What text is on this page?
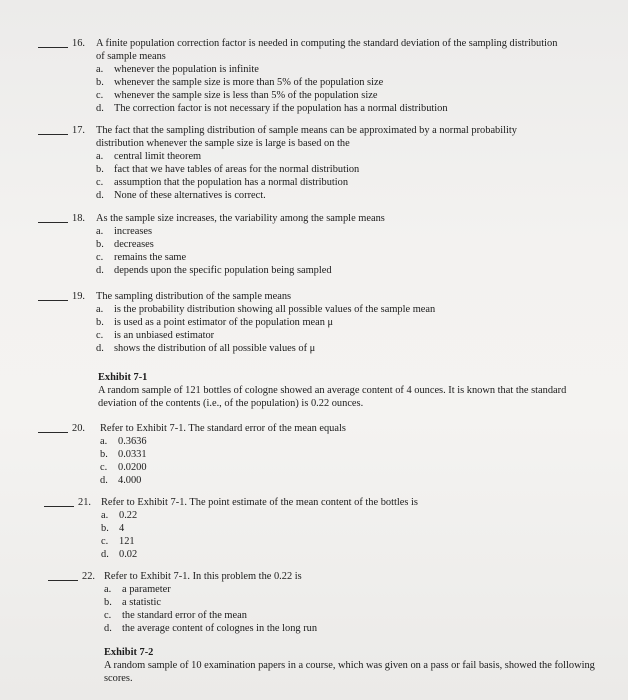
16. A finite population correction factor is needed in computing the standard deviation of the sampling distribution of sample means
a. whenever the population is infinite
b. whenever the sample size is more than 5% of the population size
c. whenever the sample size is less than 5% of the population size
d. The correction factor is not necessary if the population has a normal distribution
17. The fact that the sampling distribution of sample means can be approximated by a normal probability distribution whenever the sample size is large is based on the
a. central limit theorem
b. fact that we have tables of areas for the normal distribution
c. assumption that the population has a normal distribution
d. None of these alternatives is correct.
18. As the sample size increases, the variability among the sample means
a. increases
b. decreases
c. remains the same
d. depends upon the specific population being sampled
19. The sampling distribution of the sample means
a. is the probability distribution showing all possible values of the sample mean
b. is used as a point estimator of the population mean μ
c. is an unbiased estimator
d. shows the distribution of all possible values of μ
Exhibit 7-1
A random sample of 121 bottles of cologne showed an average content of 4 ounces. It is known that the standard deviation of the contents (i.e., of the population) is 0.22 ounces.
20. Refer to Exhibit 7-1. The standard error of the mean equals
a. 0.3636
b. 0.0331
c. 0.0200
d. 4.000
21. Refer to Exhibit 7-1. The point estimate of the mean content of the bottles is
a. 0.22
b. 4
c. 121
d. 0.02
22. Refer to Exhibit 7-1. In this problem the 0.22 is
a. a parameter
b. a statistic
c. the standard error of the mean
d. the average content of colognes in the long run
Exhibit 7-2
A random sample of 10 examination papers in a course, which was given on a pass or fail basis, showed the following scores.
